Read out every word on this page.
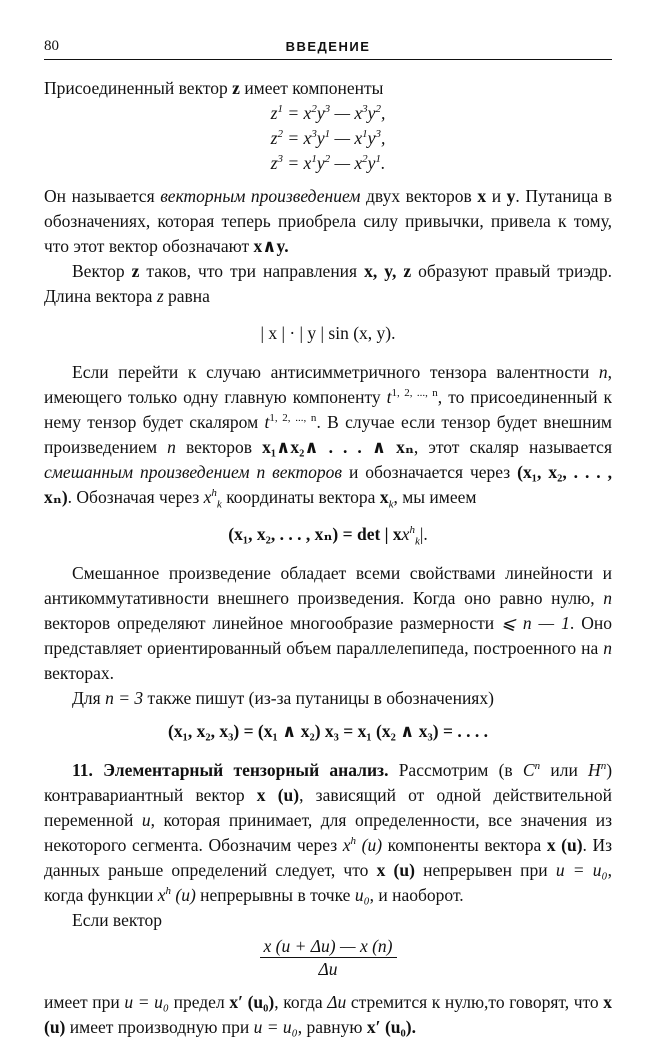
80	ВВЕДЕНИЕ

Присоединенный вектор z имеет компоненты

$z^1 = x^2y^3$ — $x^3y^2$,

$z^2 = x^3y^1$ — $x^1y^3$,

$z^3 = x^1y^2$ — $x^2y^1$.

Он называется векторным произведением двух векторов x и y. Путаница в обозначениях, которая теперь приобрела силу привычки, привела к тому, что этот вектор обозначают x∧y.

Вектор z таков, что три направления x, y, z образуют правый триэдр. Длина вектора z равна

| x | · | y | sin (x, y).

Если перейти к случаю антисимметричного тензора валентности n, имеющего только одну главную компоненту $t^{1, 2, ..., n}$, то присоединенный к нему тензор будет скаляром $t^{1, 2, ..., n}$. В случае если тензор будет внешним произведением n векторов x₁∧x₂∧ . . . ∧ xₙ, этот скаляр называется смешанным произведением n векторов и обозначается через (x₁, x₂, . . . , xₙ). Обозначая через $x^h_k$ координаты вектора $x_k$, мы имеем

(x₁, x₂, . . . , xₙ) = det | $xx^h_k|$.

Смешанное произведение обладает всеми свойствами линейности и антикоммутативности внешнего произведения. Когда оно равно нулю, n векторов определяют линейное многообразие размерности ⩽ n — 1. Оно представляет ориентированный объем параллелепипеда, построенного на n векторах.

Для n = 3 также пишут (из-за путаницы в обозначениях)

(x₁, x₂, x₃) = (x₁ ∧ x₂) x₃ = x₁ (x₂ ∧ x₃) = . . . .

11. Элементарный тензорный анализ. Рассмотрим (в $C^n$ или $H^n$) контравариантный вектор x (u), зависящий от одной действительной переменной u, которая принимает, для определенности, все значения из некоторого сегмента. Обозначим через $x^h$ (u) компоненты вектора x (u). Из данных раньше определений следует, что x (u) непрерывен при u = u₀, когда функции $x^h$ (u) непрерывны в точке u₀, и наоборот.

Если вектор

$\frac{x (u + \Delta u) — x (n)}{\Delta u}$

имеет при u = u₀ предел x′ (u₀), когда Δu стремится к нулю,то говорят, что x (u) имеет производную при u = u₀, равную x′ (u₀).
